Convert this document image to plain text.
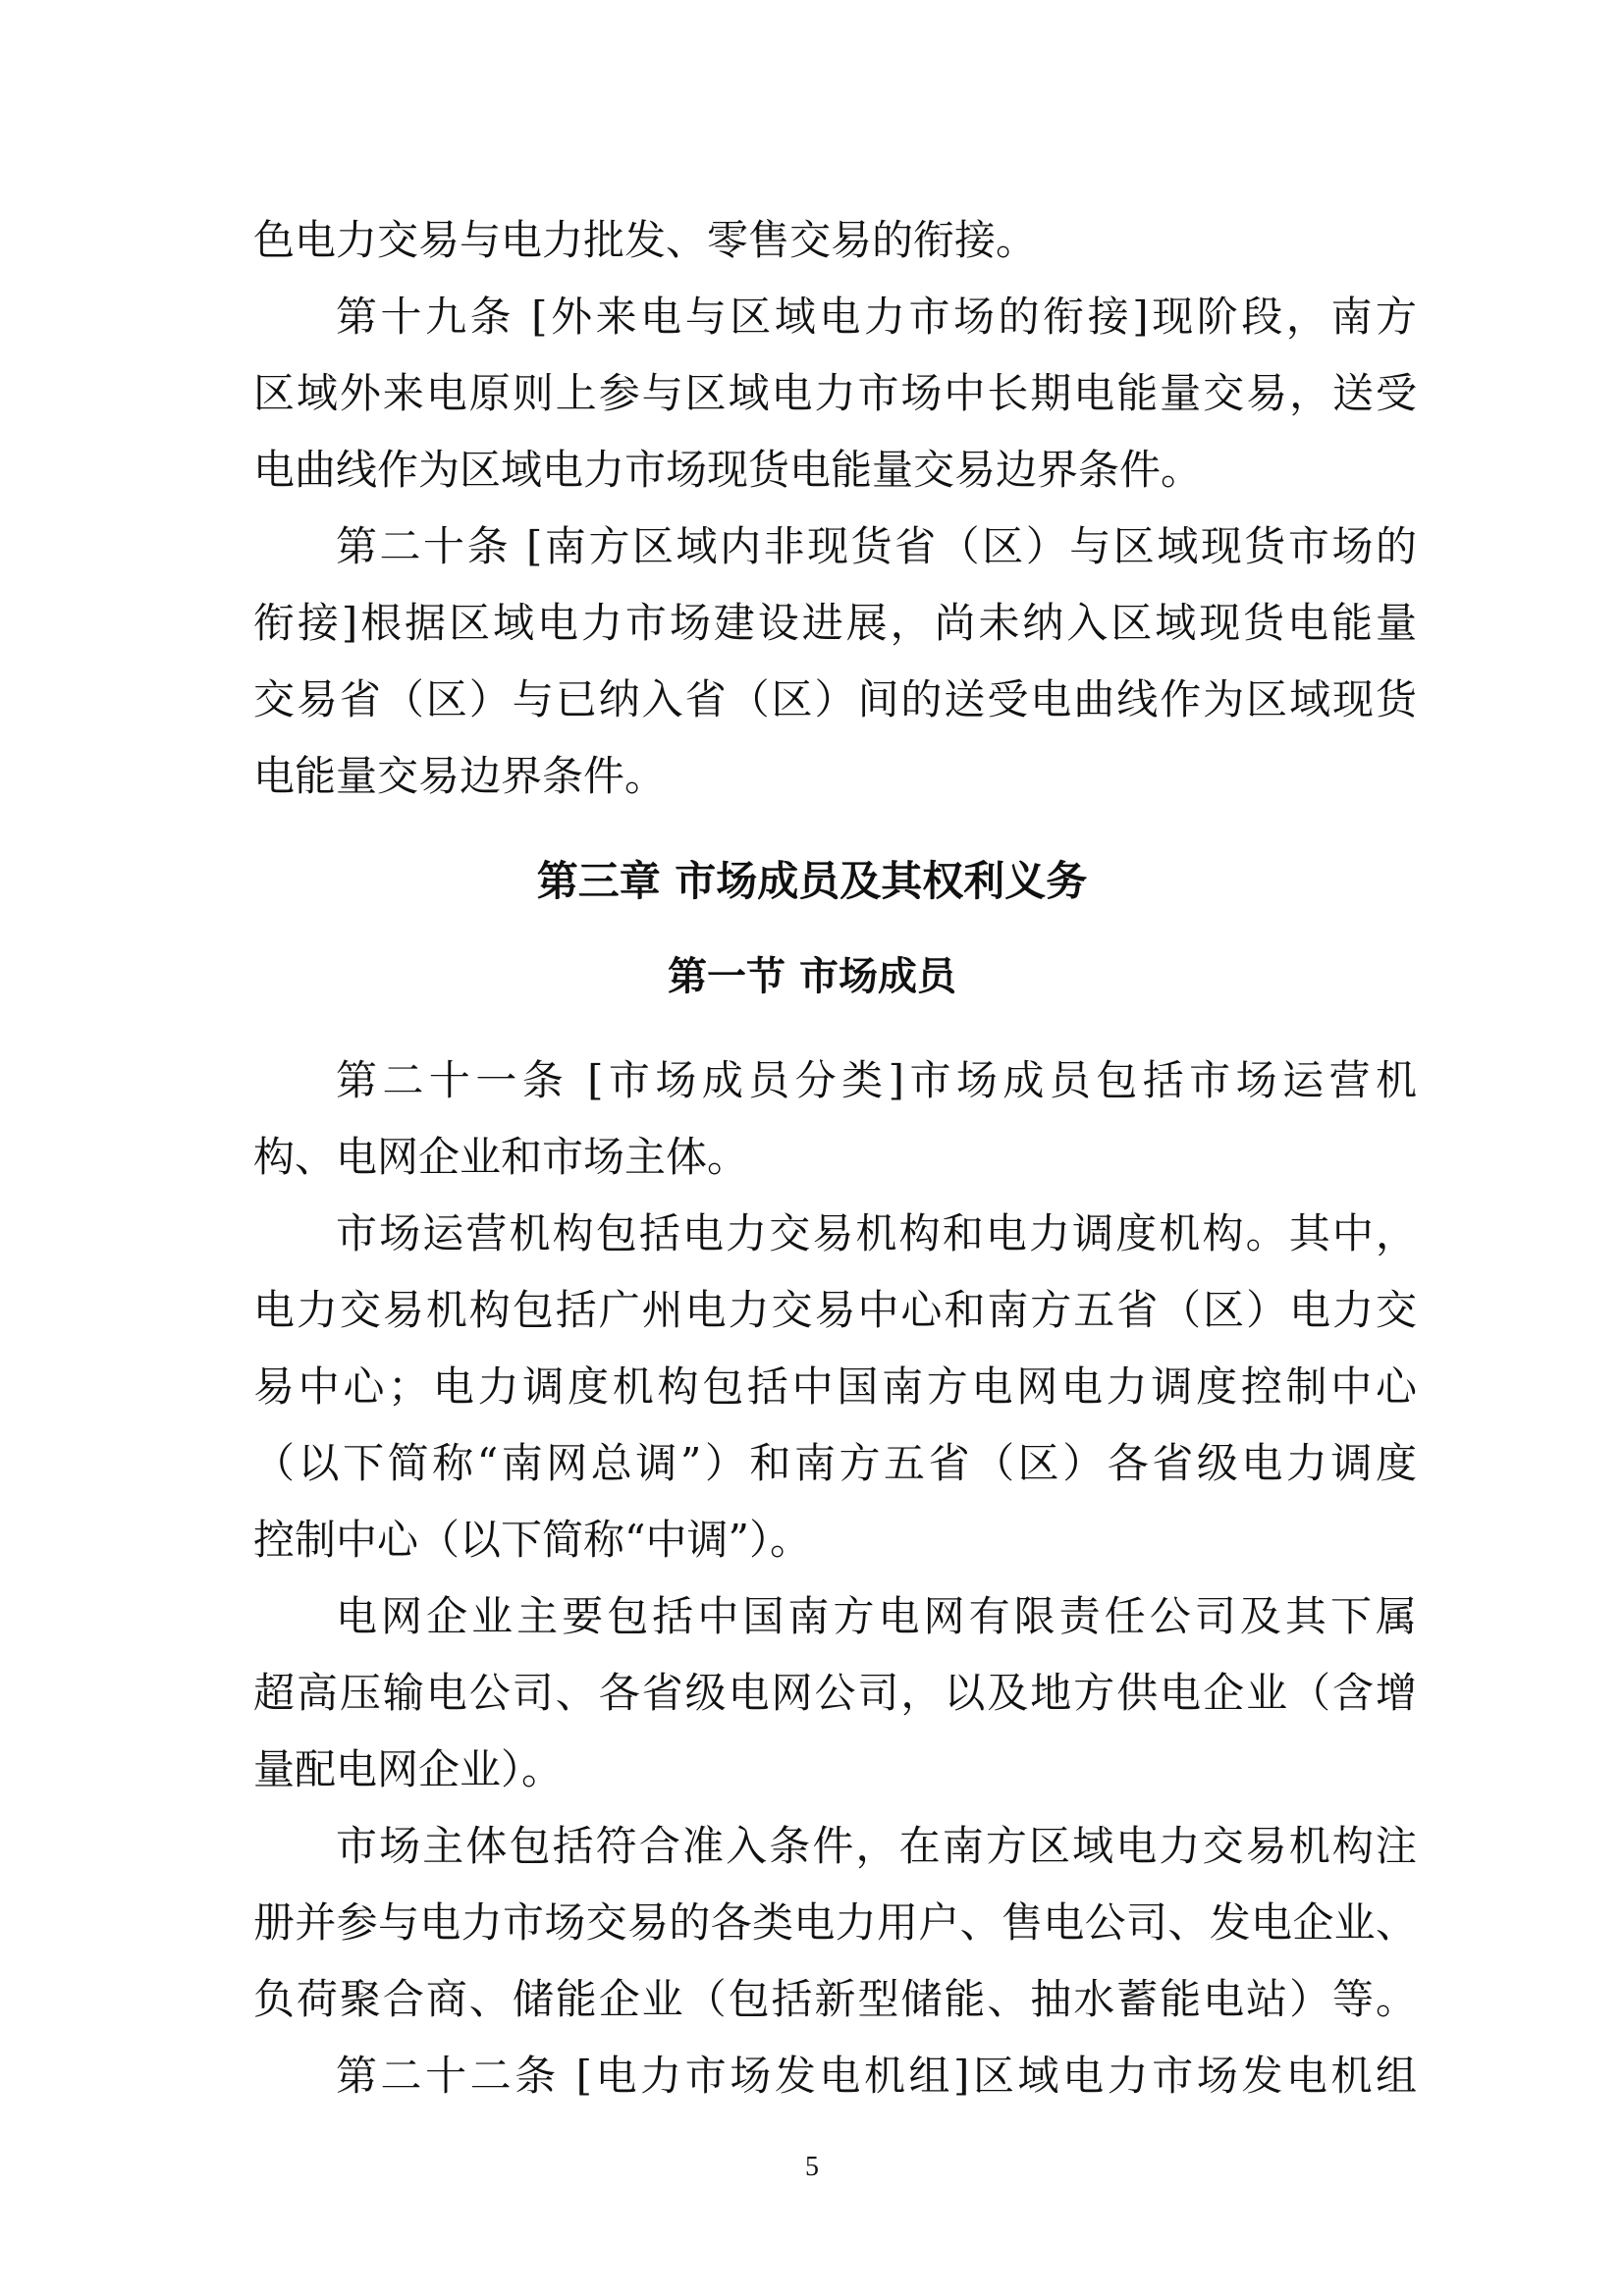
色电力交易与电力批发、零售交易的衔接。
第十九条 [外来电与区域电力市场的衔接]现阶段，南方
区域外来电原则上参与区域电力市场中长期电能量交易，送受
电曲线作为区域电力市场现货电能量交易边界条件。
第二十条 [南方区域内非现货省（区）与区域现货市场的
衔接]根据区域电力市场建设进展，尚未纳入区域现货电能量
交易省（区）与已纳入省（区）间的送受电曲线作为区域现货
电能量交易边界条件。
第三章 市场成员及其权利义务
第一节 市场成员
第二十一条 [市场成员分类]市场成员包括市场运营机
构、电网企业和市场主体。
市场运营机构包括电力交易机构和电力调度机构。其中，
电力交易机构包括广州电力交易中心和南方五省（区）电力交
易中心；电力调度机构包括中国南方电网电力调度控制中心
（以下简称“南网总调”）和南方五省（区）各省级电力调度
控制中心（以下简称“中调”）。
电网企业主要包括中国南方电网有限责任公司及其下属
超高压输电公司、各省级电网公司，以及地方供电企业（含增
量配电网企业）。
市场主体包括符合准入条件，在南方区域电力交易机构注
册并参与电力市场交易的各类电力用户、售电公司、发电企业、
负荷聚合商、储能企业（包括新型储能、抽水蓄能电站）等。
第二十二条 [电力市场发电机组]区域电力市场发电机组
5
